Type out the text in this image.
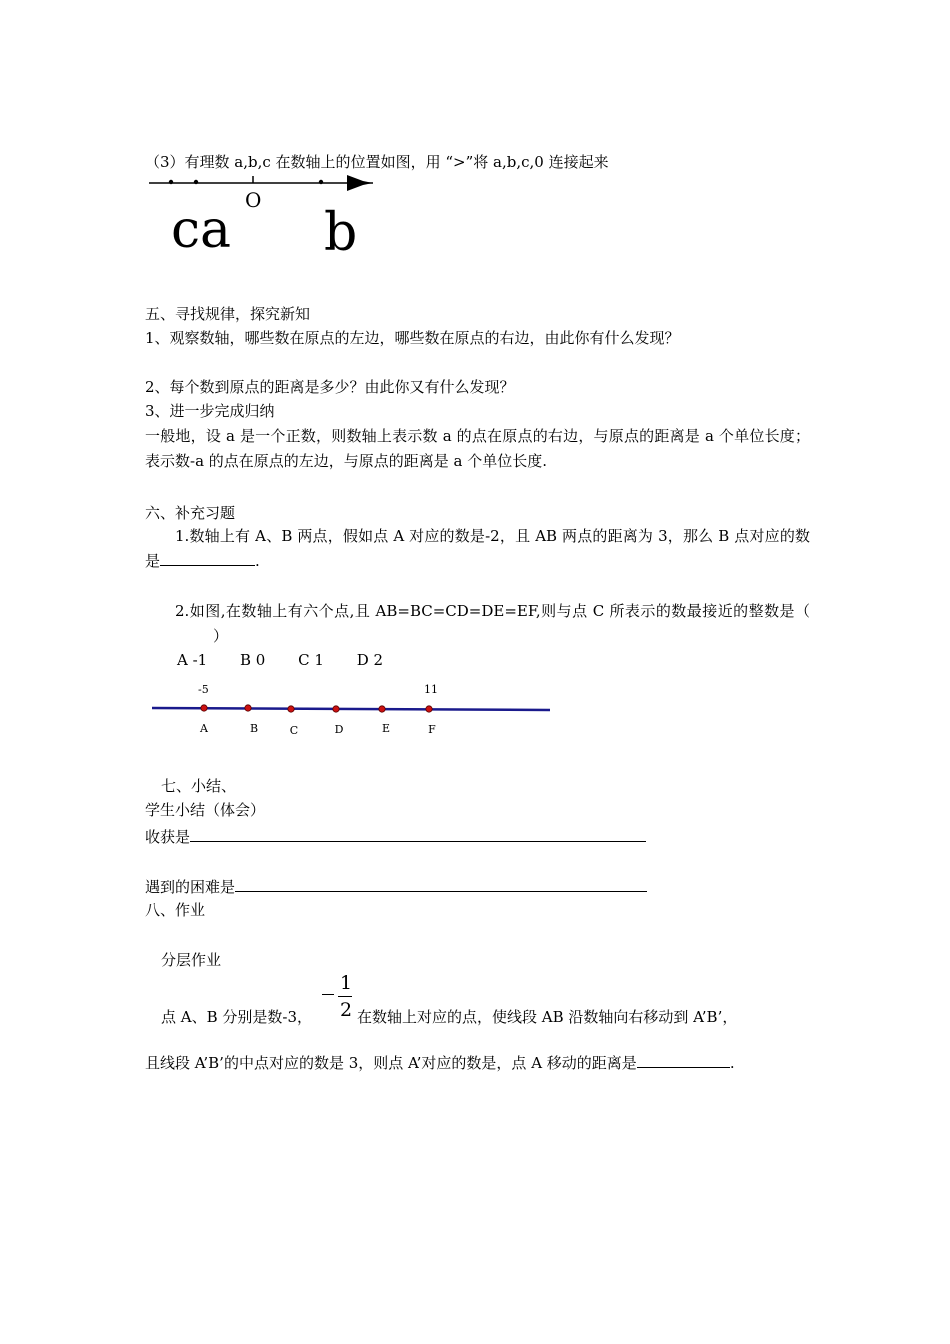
（3）有理数 a,b,c 在数轴上的位置如图，用 “>”将 a,b,c,0 连接起来
c a O
b
五、寻找规律，探究新知
1、观察数轴，哪些数在原点的左边，哪些数在原点的右边，由此你有什么发现？
2、每个数到原点的距离是多少？由此你又有什么发现？
3、进一步完成归纳
一般地，设 a 是一个正数，则数轴上表示数 a 的点在原点的右边，与原点的距离是 a 个单位长度；表示数-a 的点在原点的左边，与原点的距离是 a 个单位长度.
六、补充习题
1.数轴上有 A、B 两点，假如点 A 对应的数是-2，且 AB 两点的距离为 3，那么 B 点对应的数是	.
2.如图,在数轴上有六个点,且 AB=BC=CD=DE=EF,则与点 C 所表示的数最接近的整数是（）
A -1 B 0 C 1 D 2
-5	11
A	B	C	D	E	F
七、小结、
学生小结（体会）
收获是
遇到的困难是
八、作业
分层作业
点 A、B 分别是数-3，
1
2 在数轴上对应的点，使线段 AB 沿数轴向右移动到 A’B’，
且线段 A’B’的中点对应的数是 3，则点 A’对应的数是，点 A 移动的距离是	.
